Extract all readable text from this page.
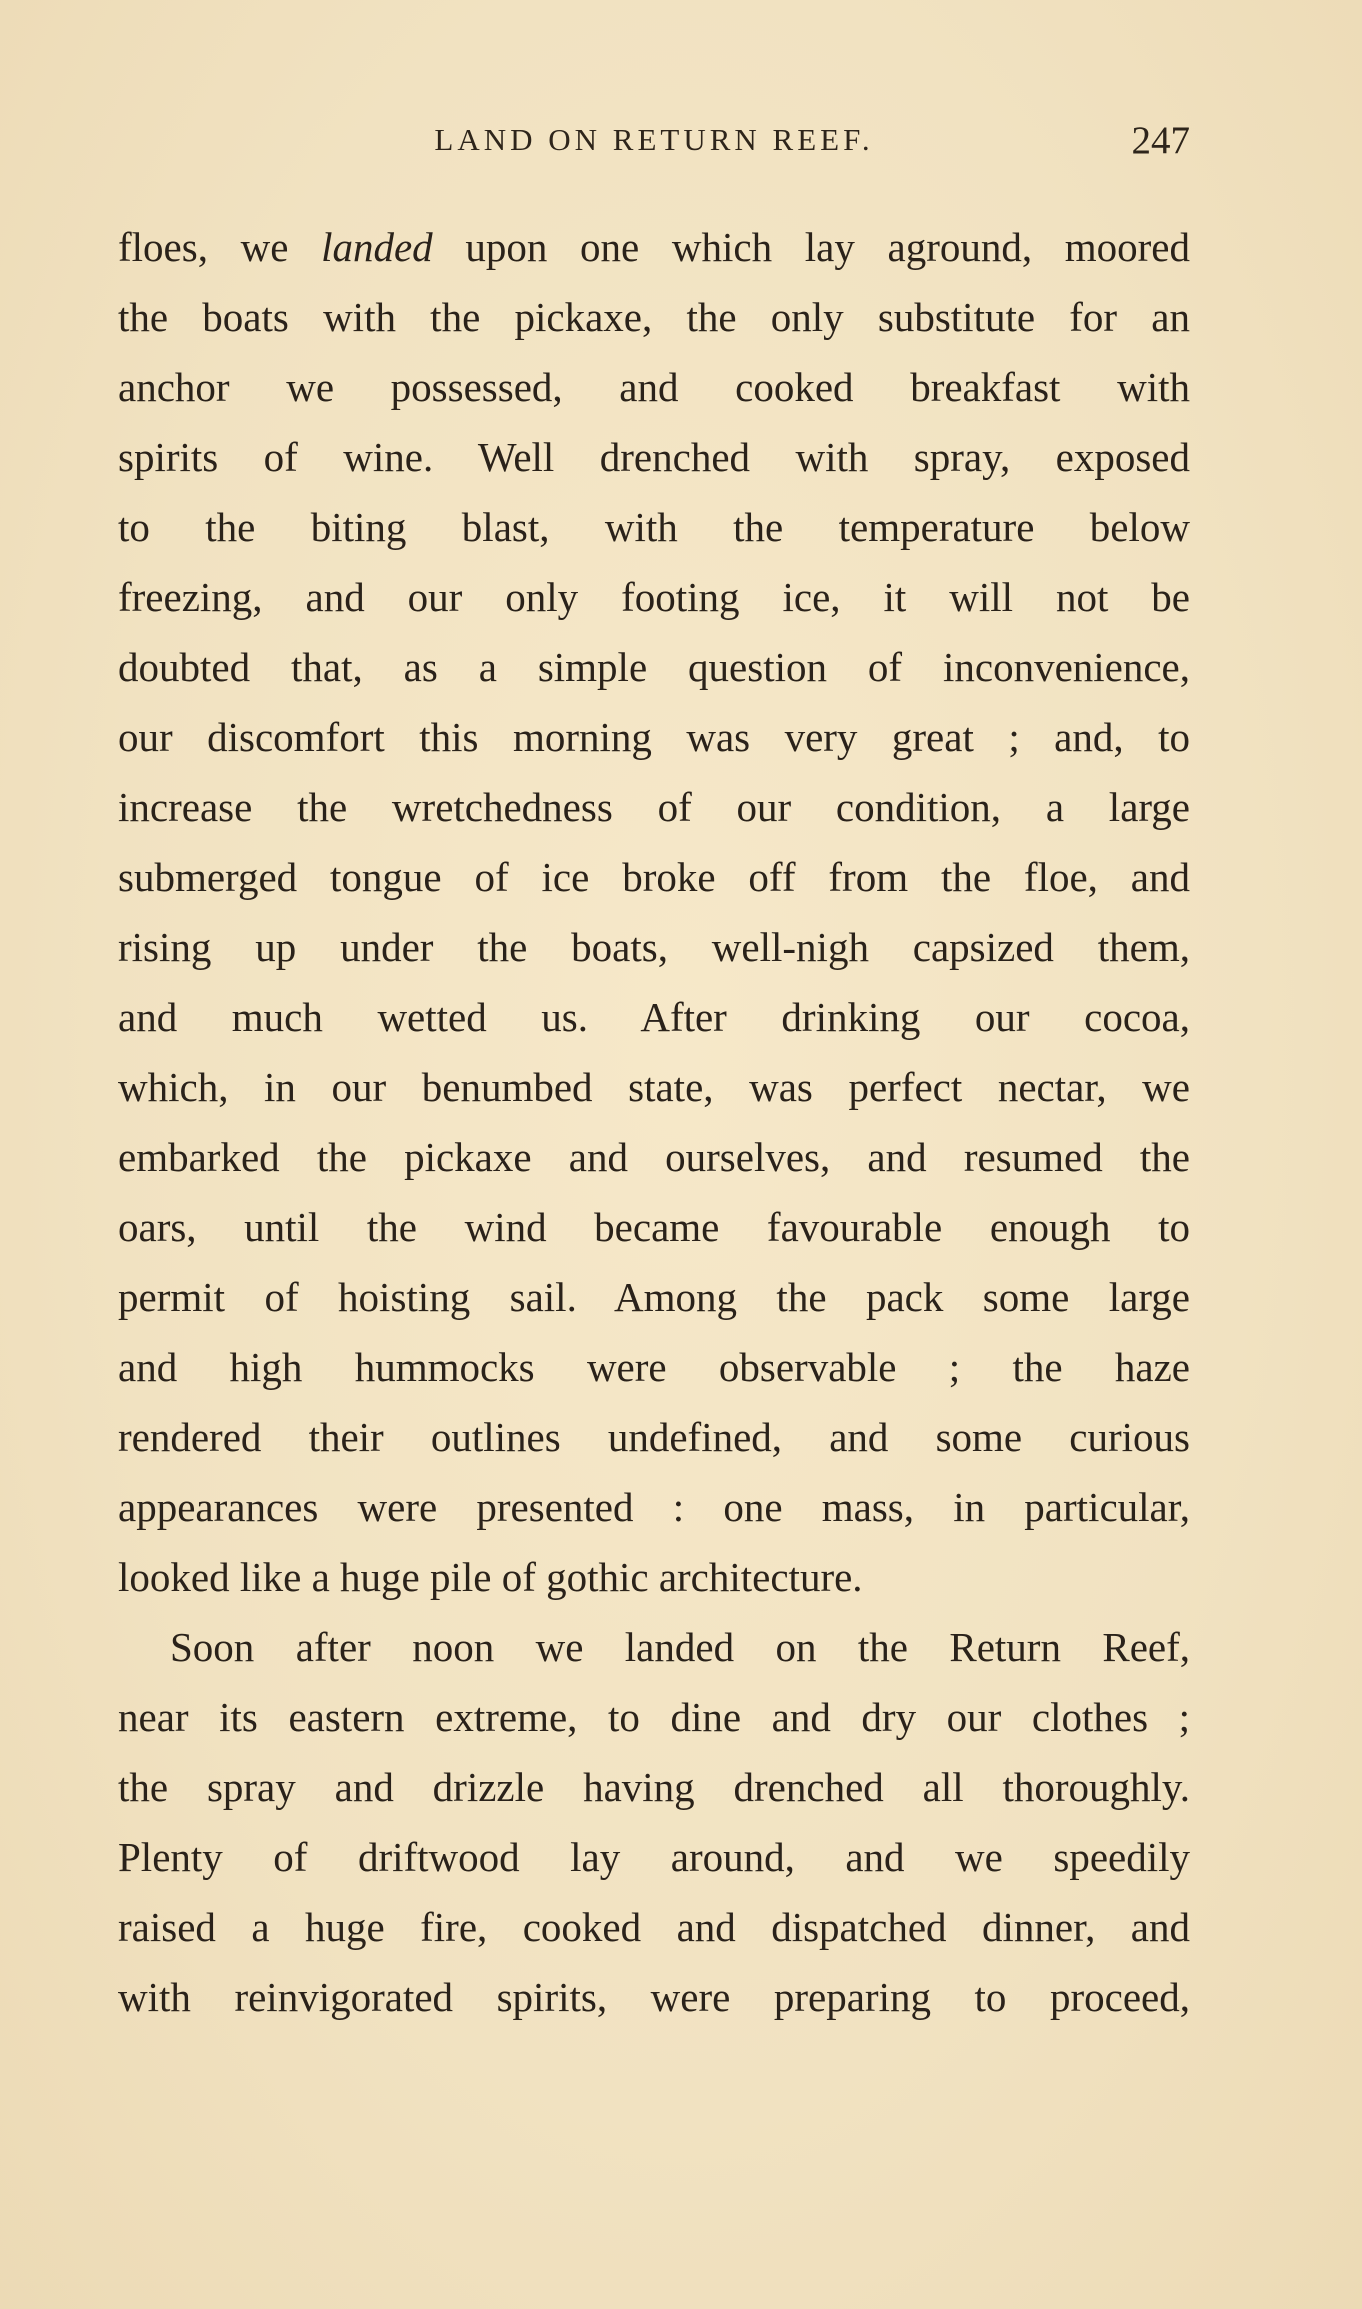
LAND ON RETURN REEF.	247
floes, we landed upon one which lay aground, moored
the boats with the pickaxe, the only substitute for an
anchor we possessed, and cooked breakfast with
spirits of wine. Well drenched with spray, exposed
to the biting blast, with the temperature below
freezing, and our only footing ice, it will not be
doubted that, as a simple question of inconvenience,
our discomfort this morning was very great ; and, to
increase the wretchedness of our condition, a large
submerged tongue of ice broke off from the floe, and
rising up under the boats, well-nigh capsized them,
and much wetted us. After drinking our cocoa,
which, in our benumbed state, was perfect nectar, we
embarked the pickaxe and ourselves, and resumed the
oars, until the wind became favourable enough to
permit of hoisting sail. Among the pack some large
and high hummocks were observable ; the haze
rendered their outlines undefined, and some curious
appearances were presented : one mass, in particular,
looked like a huge pile of gothic architecture.
Soon after noon we landed on the Return Reef,
near its eastern extreme, to dine and dry our clothes ;
the spray and drizzle having drenched all thoroughly.
Plenty of driftwood lay around, and we speedily
raised a huge fire, cooked and dispatched dinner, and
with reinvigorated spirits, were preparing to proceed,
